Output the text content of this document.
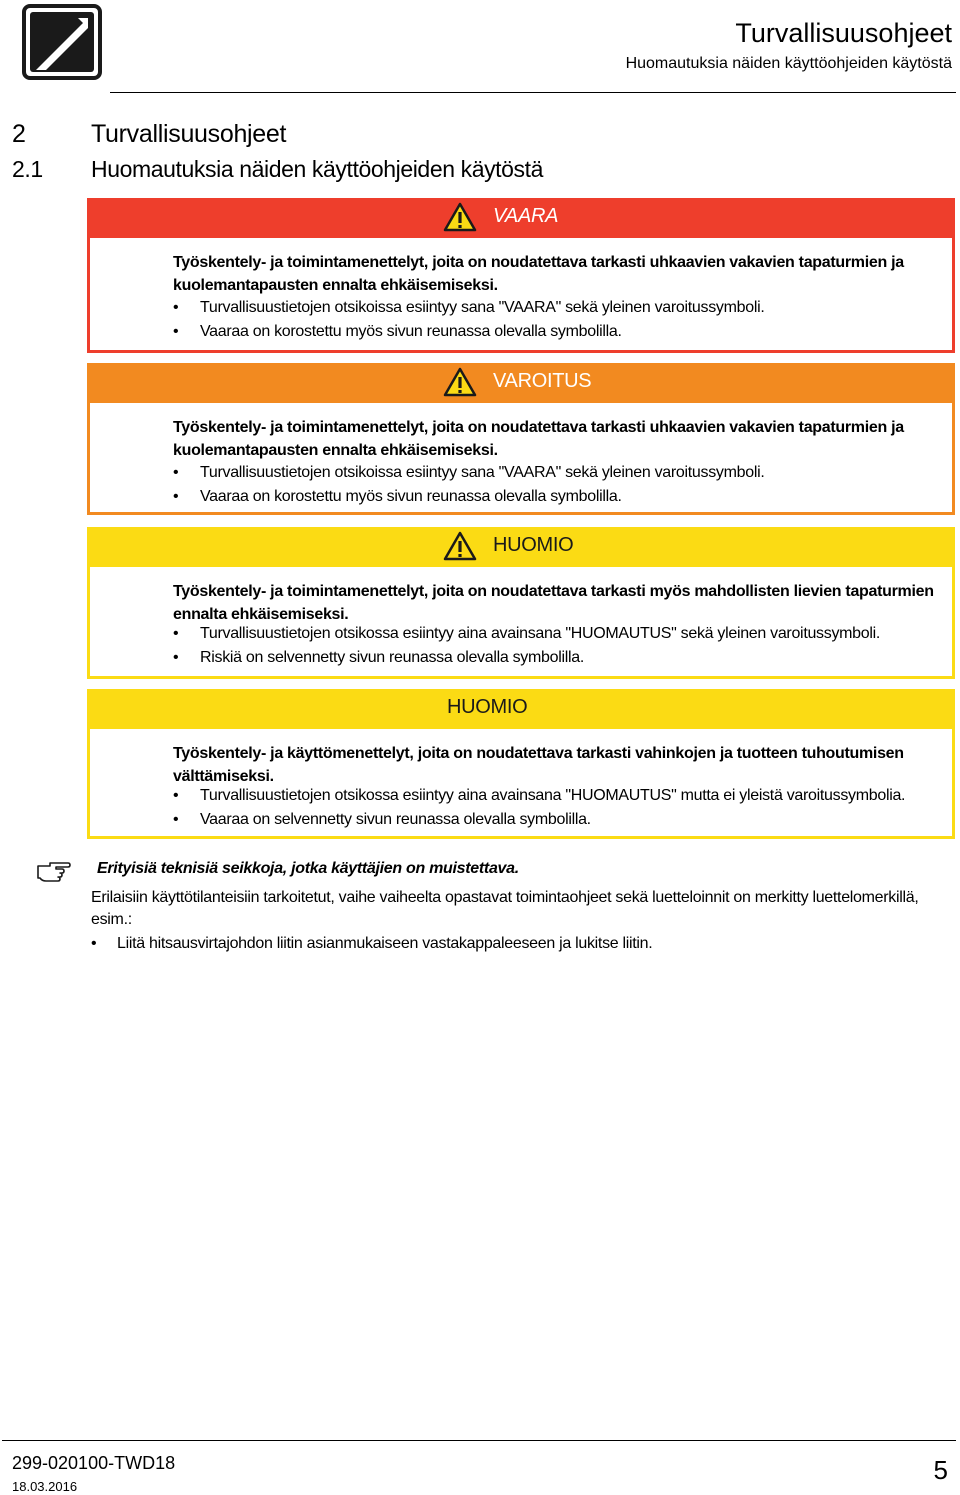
Turvallisuusohjeet
Huomautuksia näiden käyttöohjeiden käytöstä
2	Turvallisuusohjeet
2.1 Huomautuksia näiden käyttöohjeiden käytöstä
VAARA
Työskentely- ja toimintamenettelyt, joita on noudatettava tarkasti uhkaavien vakavien tapaturmien ja kuolemantapausten ennalta ehkäisemiseksi.
• Turvallisuustietojen otsikoissa esiintyy sana "VAARA" sekä yleinen varoitussymboli.
• Vaaraa on korostettu myös sivun reunassa olevalla symbolilla.
VAROITUS
Työskentely- ja toimintamenettelyt, joita on noudatettava tarkasti uhkaavien vakavien tapaturmien ja kuolemantapausten ennalta ehkäisemiseksi.
• Turvallisuustietojen otsikoissa esiintyy sana "VAARA" sekä yleinen varoitussymboli.
• Vaaraa on korostettu myös sivun reunassa olevalla symbolilla.
HUOMIO
Työskentely- ja toimintamenettelyt, joita on noudatettava tarkasti myös mahdollisten lievien tapaturmien ennalta ehkäisemiseksi.
• Turvallisuustietojen otsikossa esiintyy aina avainsana "HUOMAUTUS" sekä yleinen varoitussymboli.
• Riskiä on selvennetty sivun reunassa olevalla symbolilla.
HUOMIO
Työskentely- ja käyttömenettelyt, joita on noudatettava tarkasti vahinkojen ja tuotteen tuhoutumisen välttämiseksi.
• Turvallisuustietojen otsikossa esiintyy aina avainsana "HUOMAUTUS" mutta ei yleistä varoitussymbolia.
• Vaaraa on selvennetty sivun reunassa olevalla symbolilla.
Erityisiä teknisiä seikkoja, jotka käyttäjien on muistettava.
Erilaisiin käyttötilanteisiin tarkoitetut, vaihe vaiheelta opastavat toimintaohjeet sekä luetteloinnit on merkitty luettelomerkillä, esim.:
• Liitä hitsausvirtajohdon liitin asianmukaiseen vastakappaleeseen ja lukitse liitin.
299-020100-TWD18
18.03.2016
5
